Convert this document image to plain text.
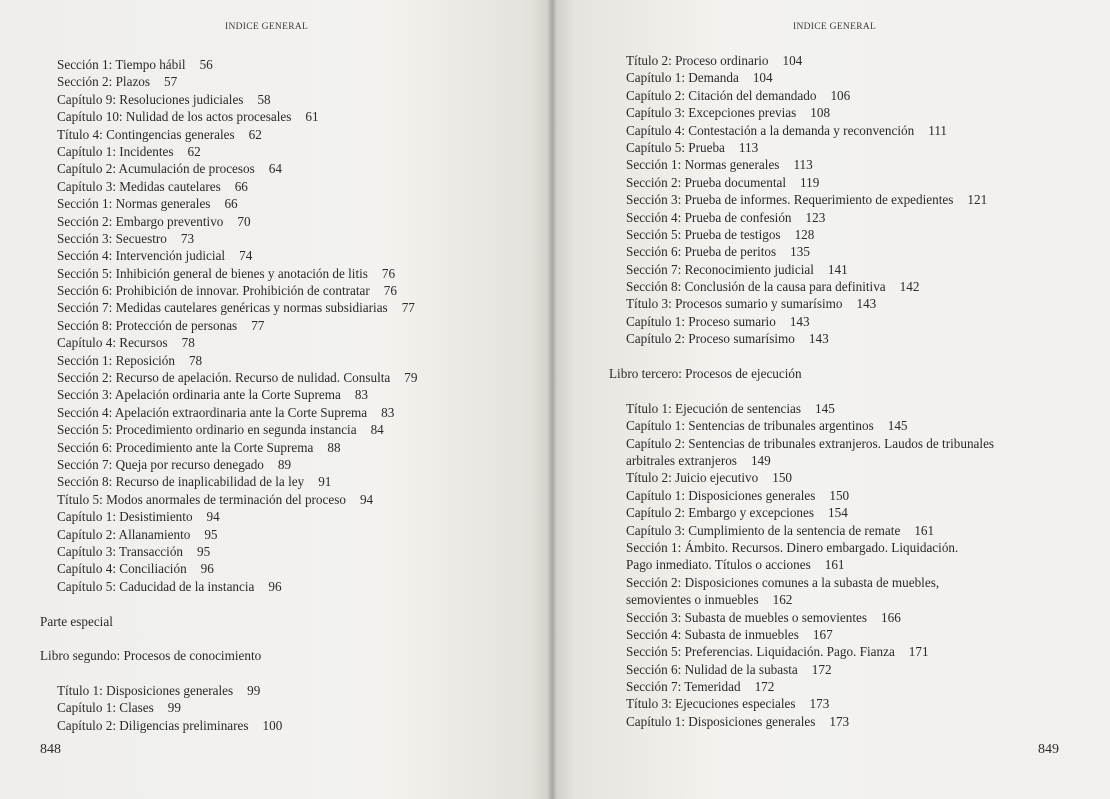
INDICE GENERAL
Sección 1: Tiempo hábil 56
Sección 2: Plazos 57
Capítulo 9: Resoluciones judiciales 58
Capítulo 10: Nulidad de los actos procesales 61
Título 4: Contingencias generales 62
Capítulo 1: Incidentes 62
Capítulo 2: Acumulación de procesos 64
Capítulo 3: Medidas cautelares 66
Sección 1: Normas generales 66
Sección 2: Embargo preventivo 70
Sección 3: Secuestro 73
Sección 4: Intervención judicial 74
Sección 5: Inhibición general de bienes y anotación de litis 76
Sección 6: Prohibición de innovar. Prohibición de contratar 76
Sección 7: Medidas cautelares genéricas y normas subsidiarias 77
Sección 8: Protección de personas 77
Capítulo 4: Recursos 78
Sección 1: Reposición 78
Sección 2: Recurso de apelación. Recurso de nulidad. Consulta 79
Sección 3: Apelación ordinaria ante la Corte Suprema 83
Sección 4: Apelación extraordinaria ante la Corte Suprema 83
Sección 5: Procedimiento ordinario en segunda instancia 84
Sección 6: Procedimiento ante la Corte Suprema 88
Sección 7: Queja por recurso denegado 89
Sección 8: Recurso de inaplicabilidad de la ley 91
Título 5: Modos anormales de terminación del proceso 94
Capítulo 1: Desistimiento 94
Capítulo 2: Allanamiento 95
Capítulo 3: Transacción 95
Capítulo 4: Conciliación 96
Capítulo 5: Caducidad de la instancia 96
Parte especial
Libro segundo: Procesos de conocimiento
Título 1: Disposiciones generales 99
Capítulo 1: Clases 99
Capítulo 2: Diligencias preliminares 100
848
INDICE GENERAL
Título 2: Proceso ordinario 104
Capítulo 1: Demanda 104
Capítulo 2: Citación del demandado 106
Capítulo 3: Excepciones previas 108
Capítulo 4: Contestación a la demanda y reconvención 111
Capítulo 5: Prueba 113
Sección 1: Normas generales 113
Sección 2: Prueba documental 119
Sección 3: Prueba de informes. Requerimiento de expedientes 121
Sección 4: Prueba de confesión 123
Sección 5: Prueba de testigos 128
Sección 6: Prueba de peritos 135
Sección 7: Reconocimiento judicial 141
Sección 8: Conclusión de la causa para definitiva 142
Título 3: Procesos sumario y sumarísimo 143
Capítulo 1: Proceso sumario 143
Capítulo 2: Proceso sumarísimo 143
Libro tercero: Procesos de ejecución
Título 1: Ejecución de sentencias 145
Capítulo 1: Sentencias de tribunales argentinos 145
Capítulo 2: Sentencias de tribunales extranjeros. Laudos de tribunales
arbitrales extranjeros 149
Título 2: Juicio ejecutivo 150
Capítulo 1: Disposiciones generales 150
Capítulo 2: Embargo y excepciones 154
Capítulo 3: Cumplimiento de la sentencia de remate 161
Sección 1: Ámbito. Recursos. Dinero embargado. Liquidación.
Pago inmediato. Títulos o acciones 161
Sección 2: Disposiciones comunes a la subasta de muebles,
semovientes o inmuebles 162
Sección 3: Subasta de muebles o semovientes 166
Sección 4: Subasta de inmuebles 167
Sección 5: Preferencias. Liquidación. Pago. Fianza 171
Sección 6: Nulidad de la subasta 172
Sección 7: Temeridad 172
Título 3: Ejecuciones especiales 173
Capítulo 1: Disposiciones generales 173
849
